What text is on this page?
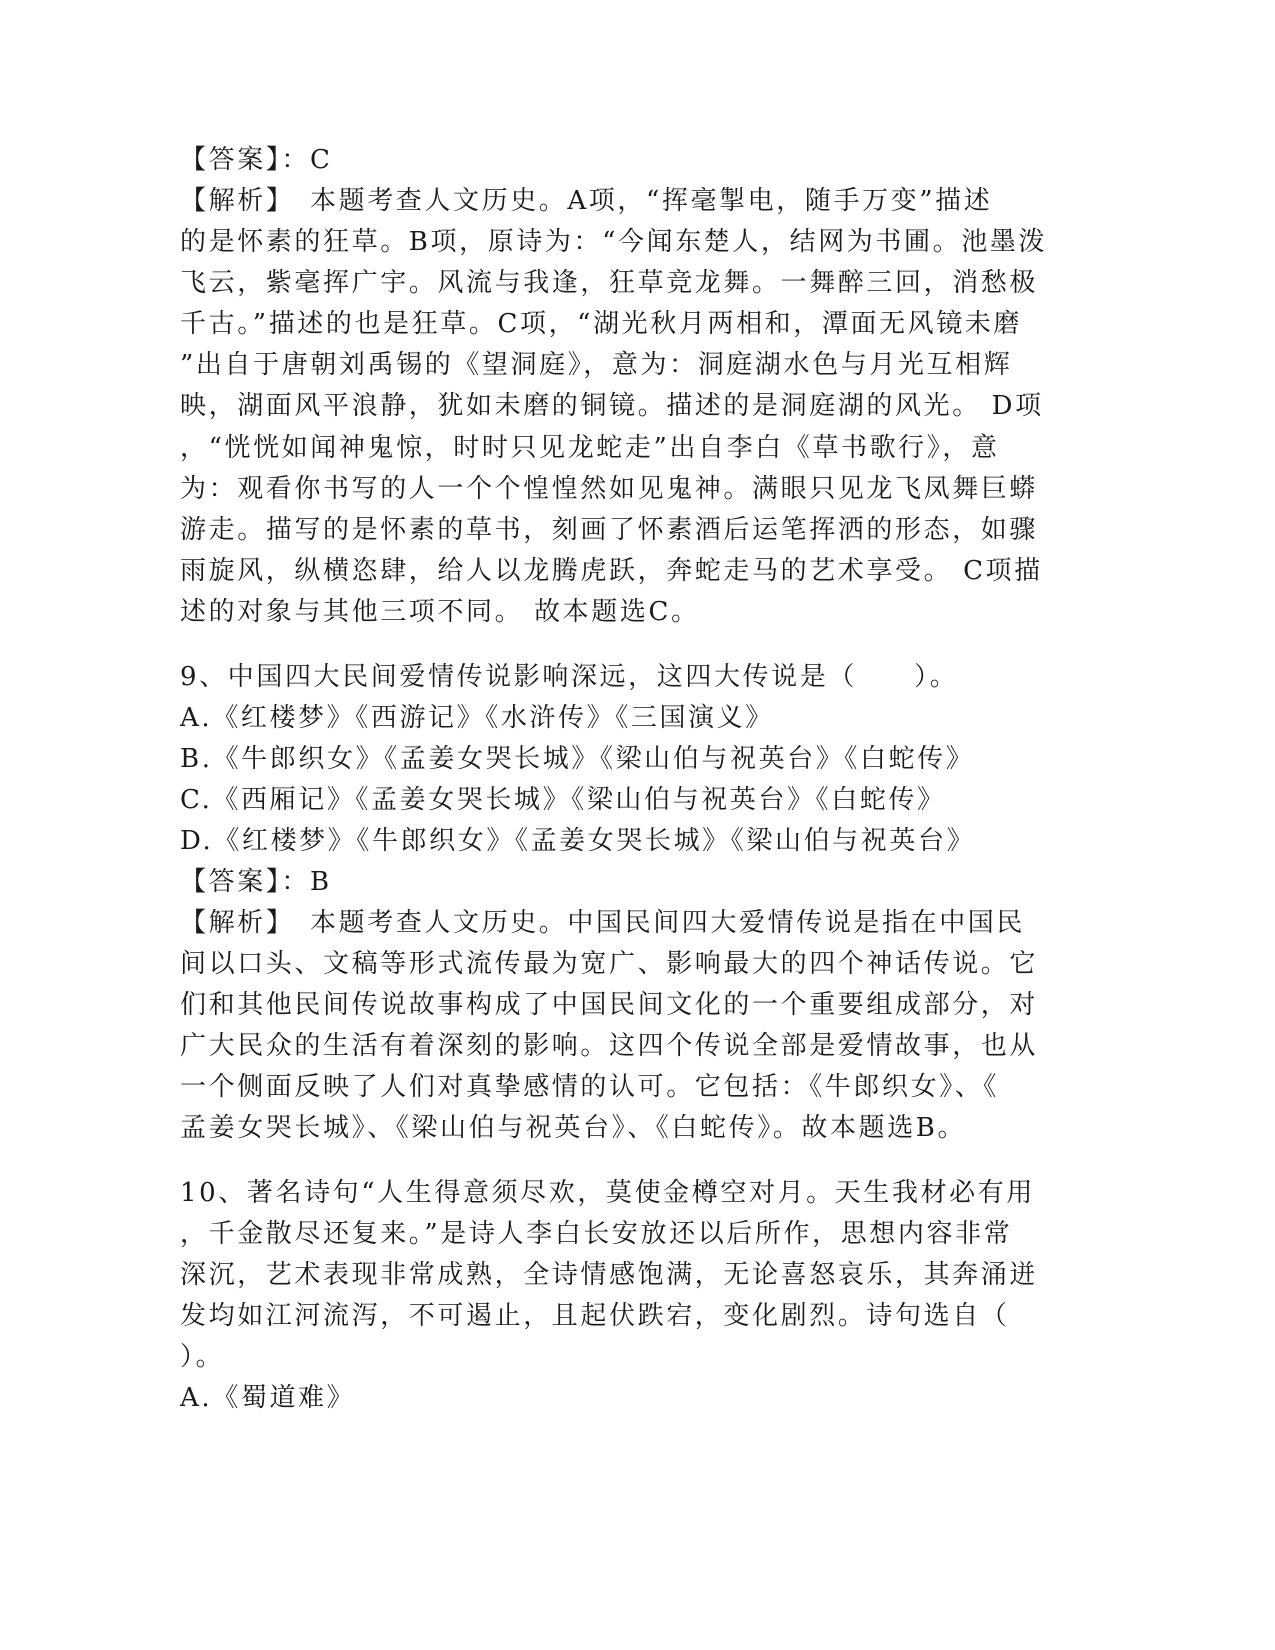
【答案】：C
【解析】　本题考查人文历史。A项，“挥毫掣电，随手万变”描述
的是怀素的狂草。B项，原诗为：“今闻东楚人，结网为书圃。池墨泼
飞云，紫毫挥广宇。风流与我逢，狂草竞龙舞。一舞醉三回，消愁极
千古。”描述的也是狂草。C项，“湖光秋月两相和，潭面无风镜未磨
”出自于唐朝刘禹锡的《望洞庭》，意为：洞庭湖水色与月光互相辉
映，湖面风平浪静，犹如未磨的铜镜。描述的是洞庭湖的风光。 D项
，“恍恍如闻神鬼惊，时时只见龙蛇走”出自李白《草书歌行》，意
为：观看你书写的人一个个惶惶然如见鬼神。满眼只见龙飞凤舞巨蟒
游走。描写的是怀素的草书，刻画了怀素酒后运笔挥洒的形态，如骤
雨旋风，纵横恣肆，给人以龙腾虎跃，奔蛇走马的艺术享受。 C项描
述的对象与其他三项不同。 故本题选C。
9、中国四大民间爱情传说影响深远，这四大传说是（　　）。
A.《红楼梦》《西游记》《水浒传》《三国演义》
B.《牛郎织女》《孟姜女哭长城》《梁山伯与祝英台》《白蛇传》
C.《西厢记》《孟姜女哭长城》《梁山伯与祝英台》《白蛇传》
D.《红楼梦》《牛郎织女》《孟姜女哭长城》《梁山伯与祝英台》
【答案】：B
【解析】　本题考查人文历史。中国民间四大爱情传说是指在中国民
间以口头、文稿等形式流传最为宽广、影响最大的四个神话传说。它
们和其他民间传说故事构成了中国民间文化的一个重要组成部分，对
广大民众的生活有着深刻的影响。这四个传说全部是爱情故事，也从
一个侧面反映了人们对真挚感情的认可。它包括：《牛郎织女》、《
孟姜女哭长城》、《梁山伯与祝英台》、《白蛇传》。故本题选B。
10、著名诗句“人生得意须尽欢，莫使金樽空对月。天生我材必有用
，千金散尽还复来。”是诗人李白长安放还以后所作，思想内容非常
深沉，艺术表现非常成熟，全诗情感饱满，无论喜怒哀乐，其奔涌迸
发均如江河流泻，不可遏止，且起伏跌宕，变化剧烈。诗句选自（
）。
A.《蜀道难》
